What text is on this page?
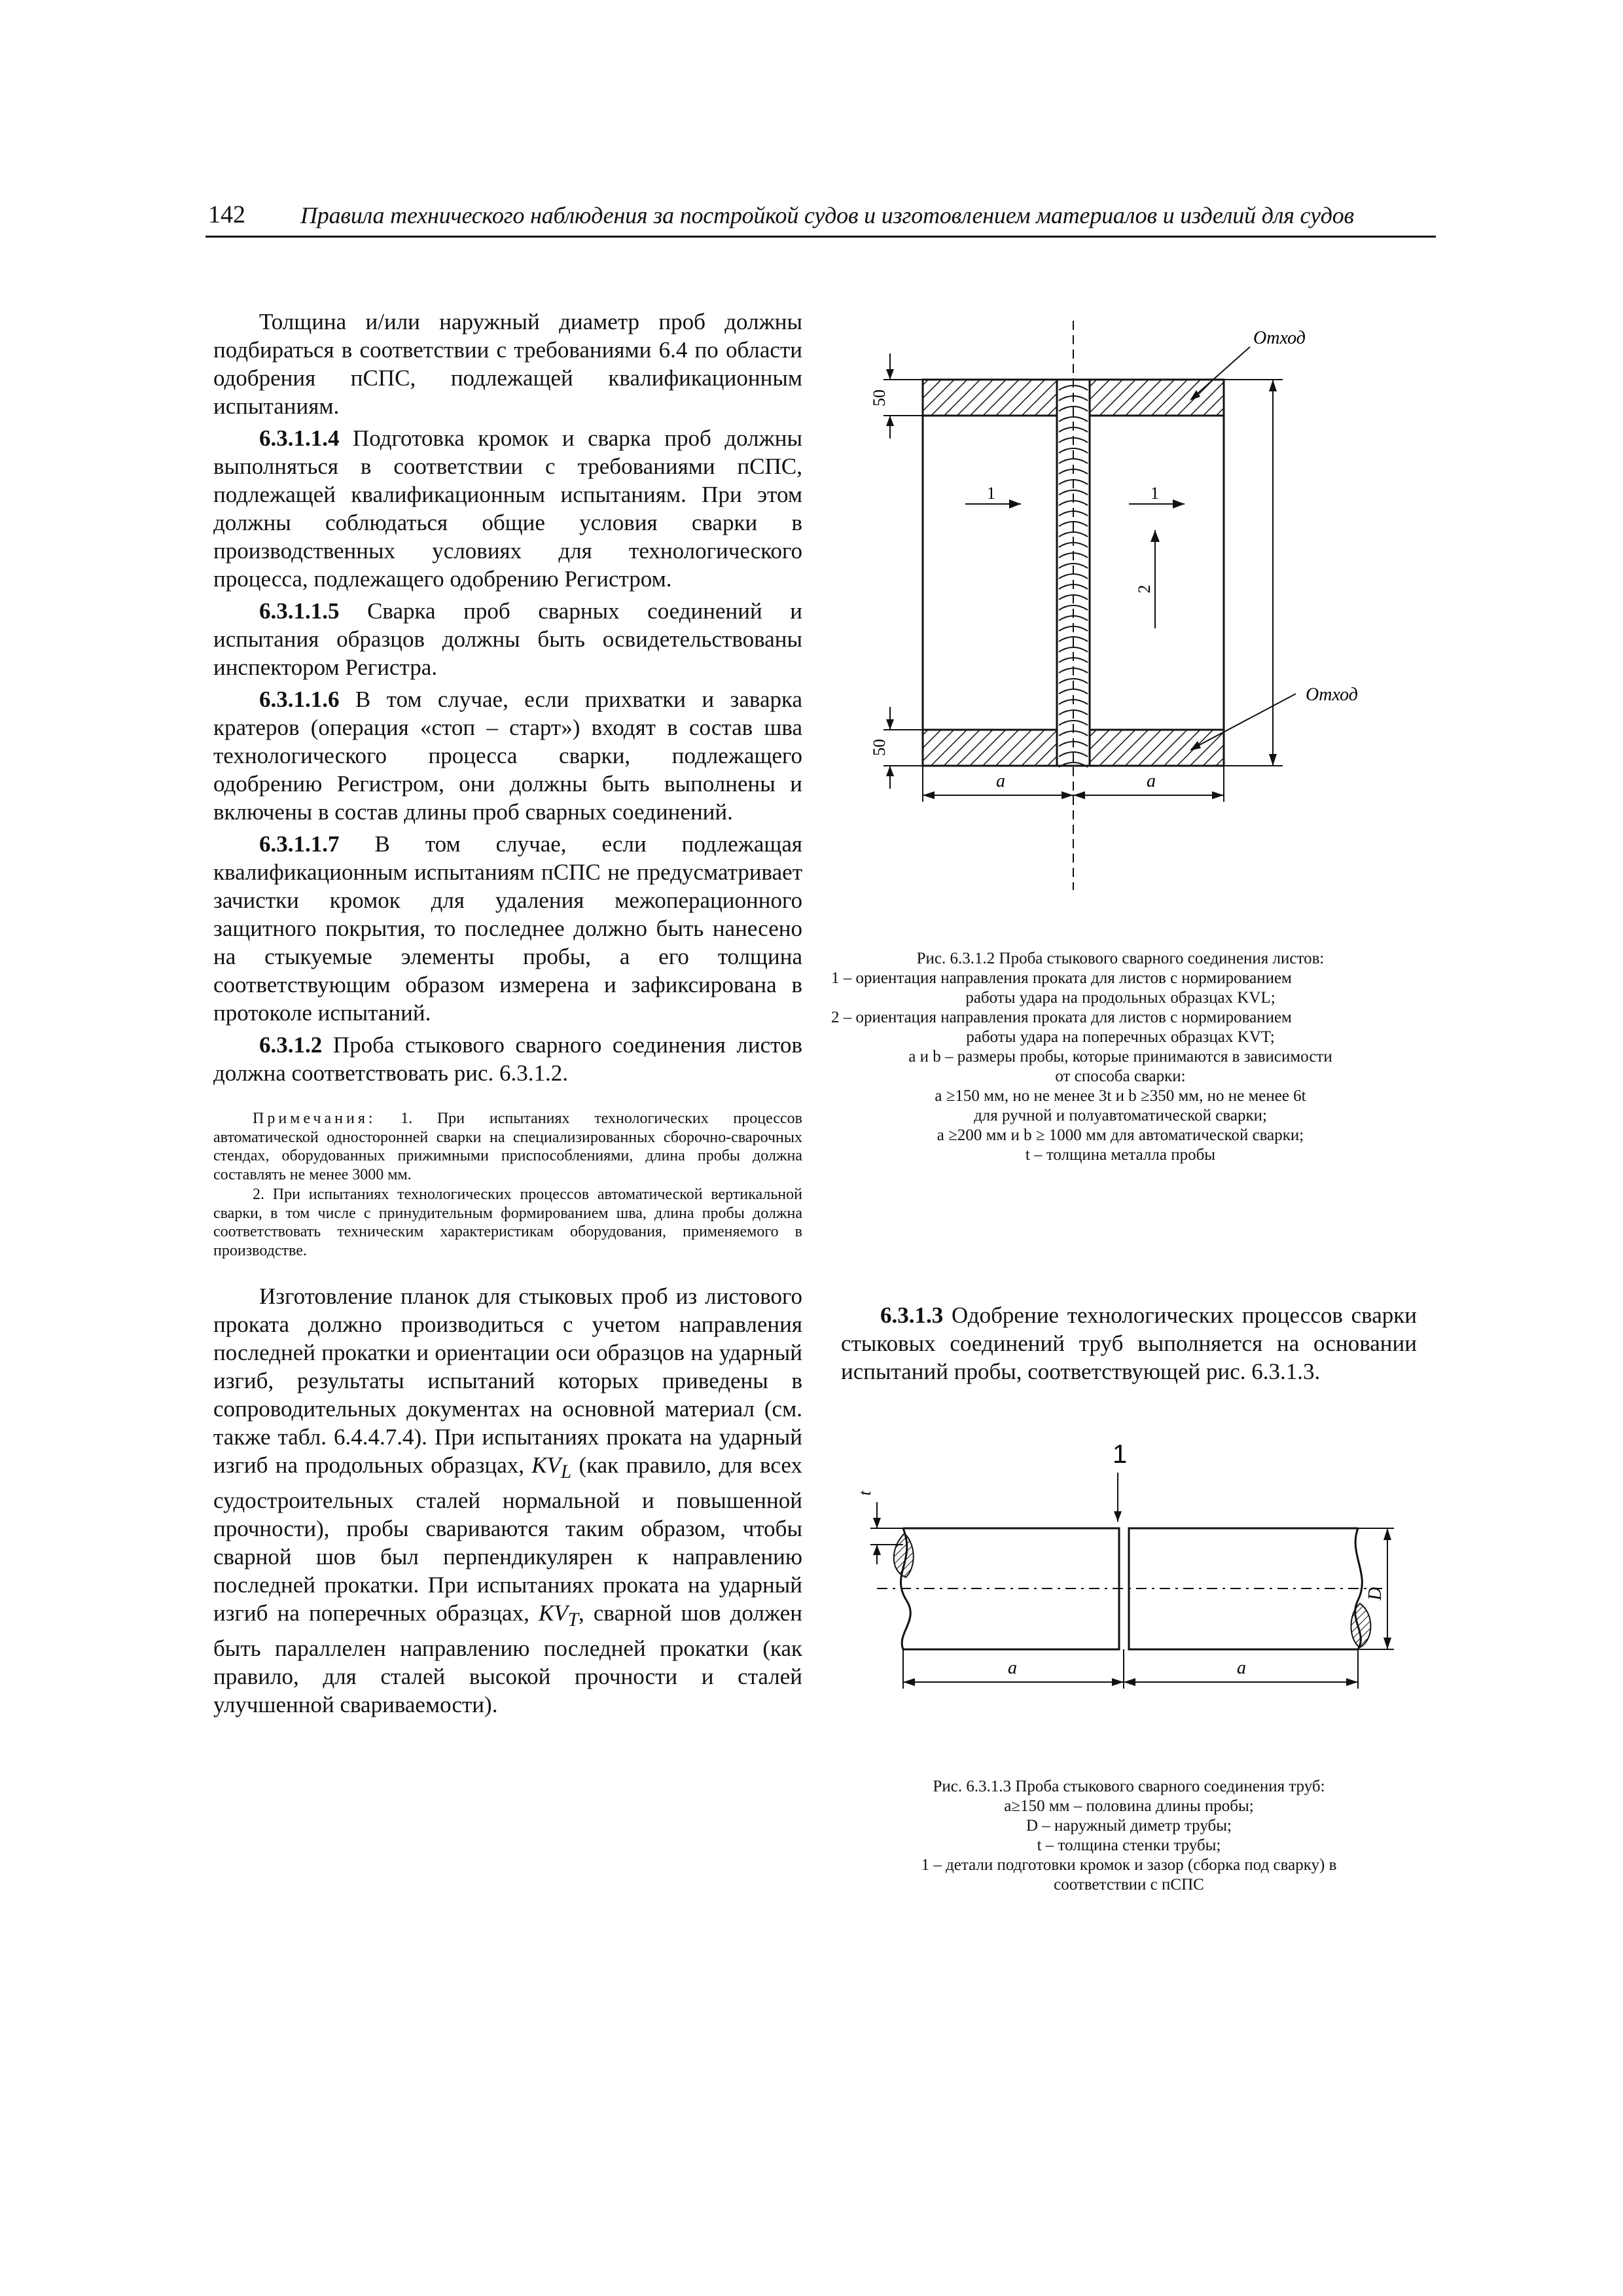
142 Правила технического наблюдения за постройкой судов и изготовлением материалов и изделий для судов

Толщина и/или наружный диаметр проб должны подбираться в соответствии с требованиями 6.4 по области одобрения пСПС, подлежащей квалификационным испытаниям.

6.3.1.1.4 Подготовка кромок и сварка проб должны выполняться в соответствии с требованиями пСПС, подлежащей квалификационным испытаниям. При этом должны соблюдаться общие условия сварки в производственных условиях для технологического процесса, подлежащего одобрению Регистром.

6.3.1.1.5 Сварка проб сварных соединений и испытания образцов должны быть освидетельствованы инспектором Регистра.

6.3.1.1.6 В том случае, если прихватки и заварка кратеров (операция «стоп – старт») входят в состав шва технологического процесса сварки, подлежащего одобрению Регистром, они должны быть выполнены и включены в состав длины проб сварных соединений.

6.3.1.1.7 В том случае, если подлежащая квалификационным испытаниям пСПС не предусматривает зачистки кромок для удаления межоперационного защитного покрытия, то последнее должно быть нанесено на стыкуемые элементы пробы, а его толщина соответствующим образом измерена и зафиксирована в протоколе испытаний.

6.3.1.2 Проба стыкового сварного соединения листов должна соответствовать рис. 6.3.1.2.

Примечания: 1. При испытаниях технологических процессов автоматической односторонней сварки на специализированных сборочно-сварочных стендах, оборудованных прижимными приспособлениями, длина пробы должна составлять не менее 3000 мм.

2. При испытаниях технологических процессов автоматической вертикальной сварки, в том числе с принудительным формированием шва, длина пробы должна соответствовать техническим характеристикам оборудования, применяемого в производстве.

Изготовление планок для стыковых проб из листового проката должно производиться с учетом направления последней прокатки и ориентации оси образцов на ударный изгиб, результаты испытаний которых приведены в сопроводительных документах на основной материал (см. также табл. 6.4.4.7.4). При испытаниях проката на ударный изгиб на продольных образцах, $KV_L$ (как правило, для всех судостроительных сталей нормальной и повышенной прочности), пробы свариваются таким образом, чтобы сварной шов был перпендикулярен к направлению последней прокатки. При испытаниях проката на ударный изгиб на поперечных образцах, $KV_T$, сварной шов должен быть параллелен направлению последней прокатки (как правило, для сталей высокой прочности и сталей улучшенной свариваемости).

50
50
Отход
Отход
1	1
2
a	a
Рис. 6.3.1.2 Проба стыкового сварного соединения листов:
1 – ориентация направления проката для листов с нормированием
работы удара на продольных образцах KVL;
2 – ориентация направления проката для листов с нормированием
работы удара на поперечных образцах KVT;
a и b – размеры пробы, которые принимаются в зависимости
от способа сварки:
a ≥150 мм, но не менее 3t и b ≥350 мм, но не менее 6t
для ручной и полуавтоматической сварки;
a ≥200 мм и b ≥ 1000 мм для автоматической сварки;
t – толщина металла пробы

6.3.1.3 Одобрение технологических процессов сварки стыковых соединений труб выполняется на основании испытаний пробы, соответствующей рис. 6.3.1.3.

1
t
D
a	a
Рис. 6.3.1.3 Проба стыкового сварного соединения труб:
a≥150 мм – половина длины пробы;
D – наружный диметр трубы;
t – толщина стенки трубы;
1 – детали подготовки кромок и зазор (сборка под сварку) в
соответствии с пСПС
